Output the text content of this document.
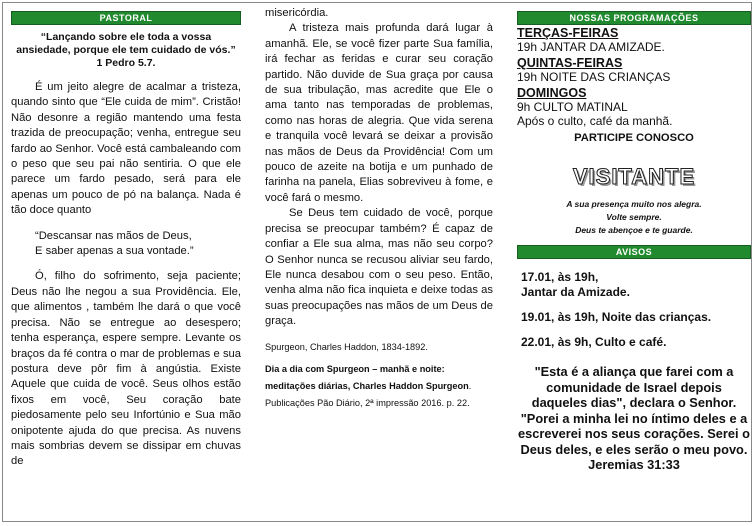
PASTORAL
“Lançando sobre ele toda a vossa ansiedade, porque ele tem cuidado de vós.” 1 Pedro 5.7.

É um jeito alegre de acalmar a tristeza, quando sinto que “Ele cuida de mim”. Cristão! Não desonre a região mantendo uma festa trazida de preocupação; venha, entregue seu fardo ao Senhor. Você está cambaleando com o peso que seu pai não sentiria. O que ele parece um fardo pesado, será para ele apenas um pouco de pó na balança. Nada é tão doce quanto

“Descansar nas mãos de Deus,
E saber apenas a sua vontade.”

Ó, filho do sofrimento, seja paciente; Deus não lhe negou a sua Providência. Ele, que alimentos , também lhe dará o que você precisa. Não se entregue ao desespero; tenha esperança, espere sempre. Levante os braços da fé contra o mar de problemas e sua postura deve pôr fim à angústia. Existe Aquele que cuida de você. Seus olhos estão fixos em você, Seu coração bate piedosamente pelo seu Infortúnio e Sua mão onipotente ajuda do que precisa. As nuvens mais sombrias devem se dissipar em chuvas de

misericórdia.

A tristeza mais profunda dará lugar à amanhã. Ele, se você fizer parte Sua família, irá fechar as feridas e curar seu coração partido. Não duvide de Sua graça por causa de sua tribulação, mas acredite que Ele o ama tanto nas temporadas de problemas, como nas horas de alegria. Que vida serena e tranquila você levará se deixar a provisão nas mãos de Deus da Providência! Com um pouco de azeite na botija e um punhado de farinha na panela, Elias sobreviveu à fome, e você fará o mesmo.

Se Deus tem cuidado de você, porque precisa se preocupar também? É capaz de confiar a Ele sua alma, mas não seu corpo? O Senhor nunca se recusou aliviar seu fardo, Ele nunca desabou com o seu peso. Então, venha alma não fica inquieta e deixe todas as suas preocupações nas mãos de um Deus de graça.

Spurgeon, Charles Haddon, 1834-1892.
Dia a dia com Spurgeon – manhã e noite: meditações diárias, Charles Haddon Spurgeon. Publicações Pão Diário, 2ª impressão 2016. p. 22.
NOSSAS PROGRAMAÇÕES
TERÇAS-FEIRAS
19h JANTAR DA AMIZADE.
QUINTAS-FEIRAS
19h NOITE DAS CRIANÇAS
DOMINGOS
9h CULTO MATINAL
Após o culto, café da manhã.
PARTICIPE CONOSCO
VISITANTE
A sua presença muito nos alegra.
Volte sempre.
Deus te abençoe e te guarde.
AVISOS
17.01, às 19h,
Jantar da Amizade.
19.01, às 19h, Noite das crianças.
22.01, às 9h, Culto e café.
"Esta é a aliança que farei com a comunidade de Israel depois daqueles dias", declara o Senhor. "Porei a minha lei no íntimo deles e a escreverei nos seus corações. Serei o Deus deles, e eles serão o meu povo. Jeremias 31:33
